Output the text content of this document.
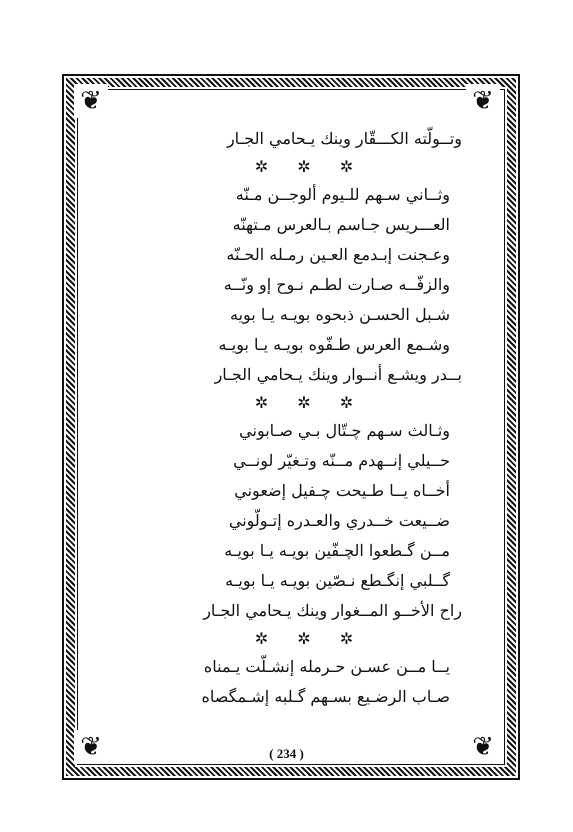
❦	❦
❦	❦
وتــولّته الكـــقّار وينك يـحامي الجـار
✲ ✲ ✲
وثــاني سـهم للـيوم ألوجــن مـنّه
العـــريس جـاسم بـالعرس مـتهنّه
وعـجنت إبـدمع العـين رمـله الحـنّه
والزفّــه صـارت لطـم نـوح إو ونّــه
شـبل الحسـن ذبحوه بويـه يـا بويه
وشـمع العرس طـفّوه بويـه يـا بويـه
بــدر ويشـع أنــوار وينك يـحامي الجـار
✲ ✲ ✲
وثـالث سـهم چـتّال بـي صـابوني
حــيلي إنــهدم مــنّه وتـغيّر لونــي
أخــاه يــا طـيحت چـفيل إضعوني
ضــيعت خــدري والعـدره إتـولّوني
مــن گـطعوا الچـفّين بويـه يـا بويـه
گــلبي إنگـطع نـصّين بويـه يـا بويـه
راح الأخــو المــغوار وينك يـحامي الجـار
✲ ✲ ✲
يــا مــن عسـن حـرمله إنشـلّت يـمناه
صـاب الرضـيع بسـهم گـلبه إشـمگصاه
( 234 )
